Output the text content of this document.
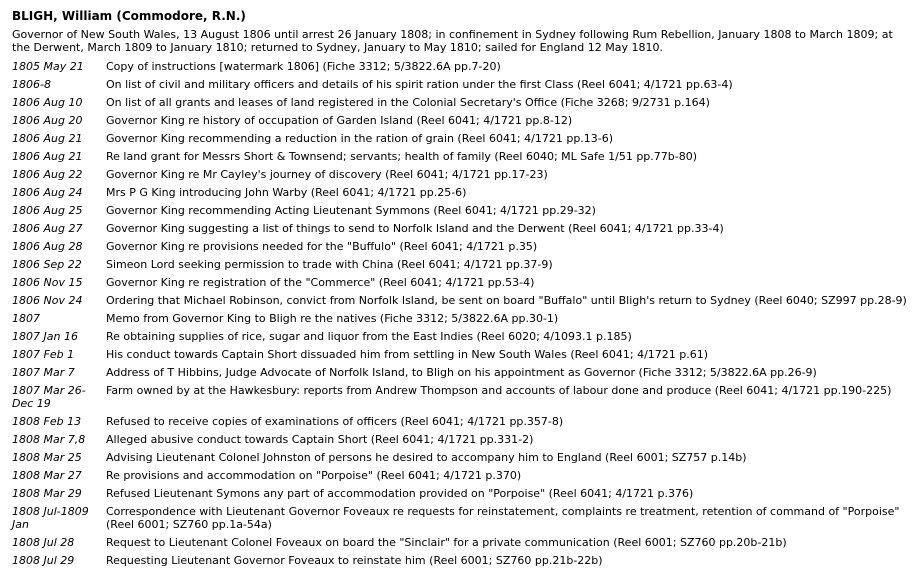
BLIGH, William (Commodore, R.N.)
Governor of New South Wales, 13 August 1806 until arrest 26 January 1808; in confinement in Sydney following Rum Rebellion, January 1808 to March 1809; at the Derwent, March 1809 to January 1810; returned to Sydney, January to May 1810; sailed for England 12 May 1810.
1805 May 21	Copy of instructions [watermark 1806] (Fiche 3312; 5/3822.6A pp.7-20)
1806-8	On list of civil and military officers and details of his spirit ration under the first Class (Reel 6041; 4/1721 pp.63-4)
1806 Aug 10	On list of all grants and leases of land registered in the Colonial Secretary's Office (Fiche 3268; 9/2731 p.164)
1806 Aug 20	Governor King re history of occupation of Garden Island (Reel 6041; 4/1721 pp.8-12)
1806 Aug 21	Governor King recommending a reduction in the ration of grain (Reel 6041; 4/1721 pp.13-6)
1806 Aug 21	Re land grant for Messrs Short & Townsend; servants; health of family (Reel 6040; ML Safe 1/51 pp.77b-80)
1806 Aug 22	Governor King re Mr Cayley's journey of discovery (Reel 6041; 4/1721 pp.17-23)
1806 Aug 24	Mrs P G King introducing John Warby (Reel 6041; 4/1721 pp.25-6)
1806 Aug 25	Governor King recommending Acting Lieutenant Symmons (Reel 6041; 4/1721 pp.29-32)
1806 Aug 27	Governor King suggesting a list of things to send to Norfolk Island and the Derwent (Reel 6041; 4/1721 pp.33-4)
1806 Aug 28	Governor King re provisions needed for the "Buffulo" (Reel 6041; 4/1721 p.35)
1806 Sep 22	Simeon Lord seeking permission to trade with China (Reel 6041; 4/1721 pp.37-9)
1806 Nov 15	Governor King re registration of the "Commerce" (Reel 6041; 4/1721 pp.53-4)
1806 Nov 24	Ordering that Michael Robinson, convict from Norfolk Island, be sent on board "Buffalo" until Bligh's return to Sydney (Reel 6040; SZ997 pp.28-9)
1807	Memo from Governor King to Bligh re the natives (Fiche 3312; 5/3822.6A pp.30-1)
1807 Jan 16	Re obtaining supplies of rice, sugar and liquor from the East Indies (Reel 6020; 4/1093.1 p.185)
1807 Feb 1	His conduct towards Captain Short dissuaded him from settling in New South Wales (Reel 6041; 4/1721 p.61)
1807 Mar 7	Address of T Hibbins, Judge Advocate of Norfolk Island, to Bligh on his appointment as Governor (Fiche 3312; 5/3822.6A pp.26-9)
1807 Mar 26-Dec 19	Farm owned by at the Hawkesbury: reports from Andrew Thompson and accounts of labour done and produce (Reel 6041; 4/1721 pp.190-225)
1808 Feb 13	Refused to receive copies of examinations of officers (Reel 6041; 4/1721 pp.357-8)
1808 Mar 7,8	Alleged abusive conduct towards Captain Short (Reel 6041; 4/1721 pp.331-2)
1808 Mar 25	Advising Lieutenant Colonel Johnston of persons he desired to accompany him to England (Reel 6001; SZ757 p.14b)
1808 Mar 27	Re provisions and accommodation on "Porpoise" (Reel 6041; 4/1721 p.370)
1808 Mar 29	Refused Lieutenant Symons any part of accommodation provided on "Porpoise" (Reel 6041; 4/1721 p.376)
1808 Jul-1809 Jan	Correspondence with Lieutenant Governor Foveaux re requests for reinstatement, complaints re treatment, retention of command of "Porpoise" (Reel 6001; SZ760 pp.1a-54a)
1808 Jul 28	Request to Lieutenant Colonel Foveaux on board the "Sinclair" for a private communication (Reel 6001; SZ760 pp.20b-21b)
1808 Jul 29	Requesting Lieutenant Governor Foveaux to reinstate him (Reel 6001; SZ760 pp.21b-22b)
